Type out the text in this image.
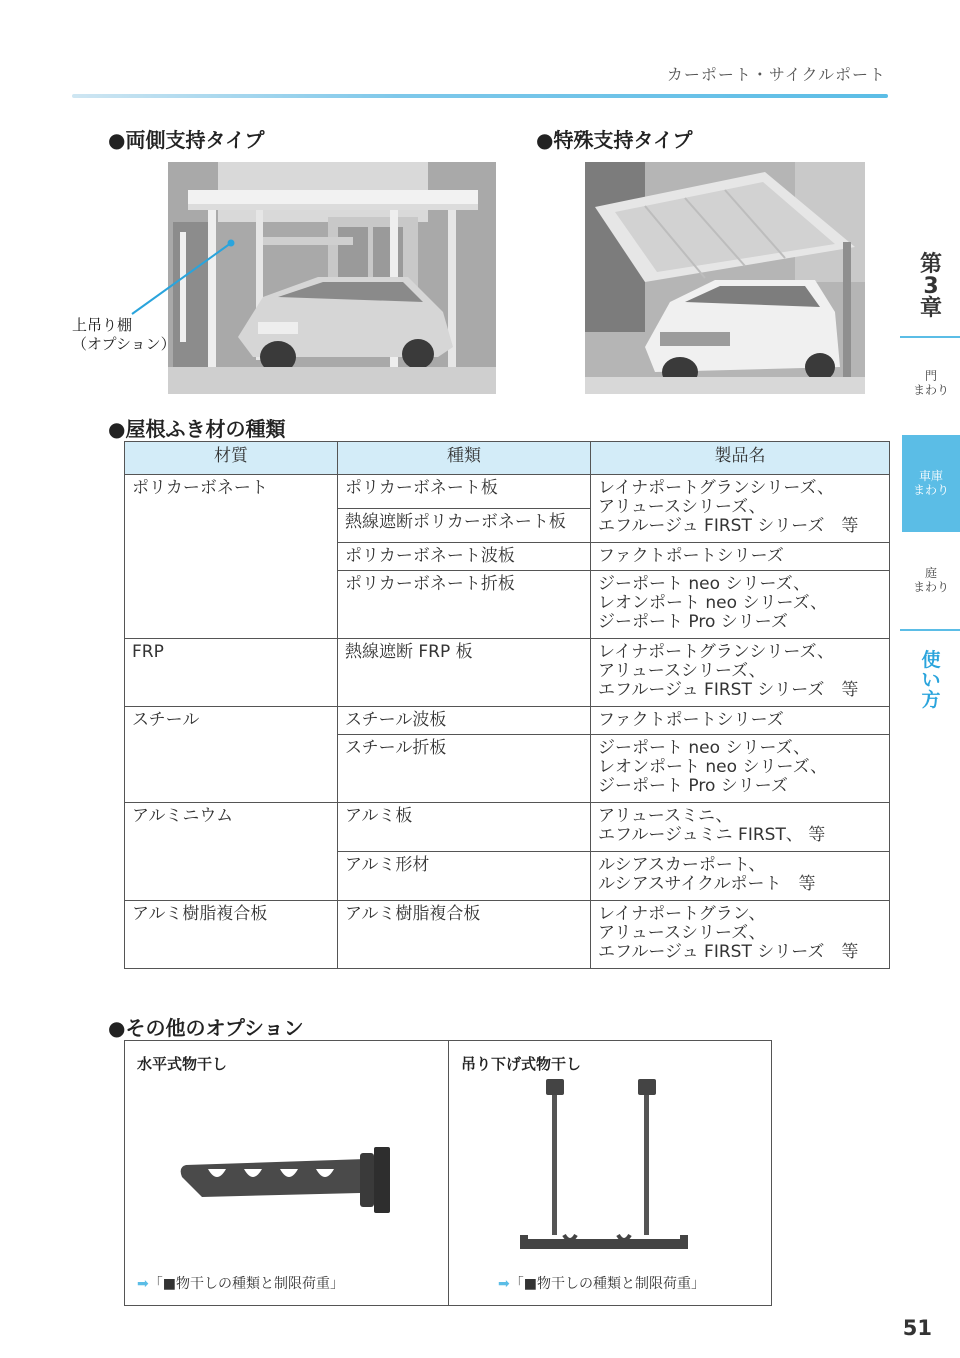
カーポート・サイクルポート
●両側支持タイプ	●特殊支持タイプ
上吊り棚
（オプション）
第
3
章
門
まわり
車庫
まわり
庭
まわり
使
い
方
●屋根ふき材の種類
材質	種類	製品名
ポリカーボネート	ポリカーボネート板	レイナポートグランシリーズ、
アリュースシリーズ、
エフルージュ FIRST シリーズ　等

	熱線遮断ポリカーボネート板	
	ポリカーボネート波板	ファクトポートシリーズ

	ポリカーボネート折板	ジーポート neo シリーズ、
レオンポート neo シリーズ、
ジーポート Pro シリーズ

FRP	熱線遮断 FRP 板	レイナポートグランシリーズ、
アリュースシリーズ、
エフルージュ FIRST シリーズ　等

スチール	スチール波板	ファクトポートシリーズ

	スチール折板	ジーポート neo シリーズ、
レオンポート neo シリーズ、
ジーポート Pro シリーズ

アルミニウム	アルミ板	アリュースミニ、
エフルージュミニ FIRST、 等

	アルミ形材	ルシアスカーポート、
ルシアスサイクルポート　等

アルミ樹脂複合板	アルミ樹脂複合板	レイナポートグラン、
アリュースシリーズ、
エフルージュ FIRST シリーズ　等
●その他のオプション
水平式物干し
➡「■物干しの種類と制限荷重」
吊り下げ式物干し
➡「■物干しの種類と制限荷重」
51
